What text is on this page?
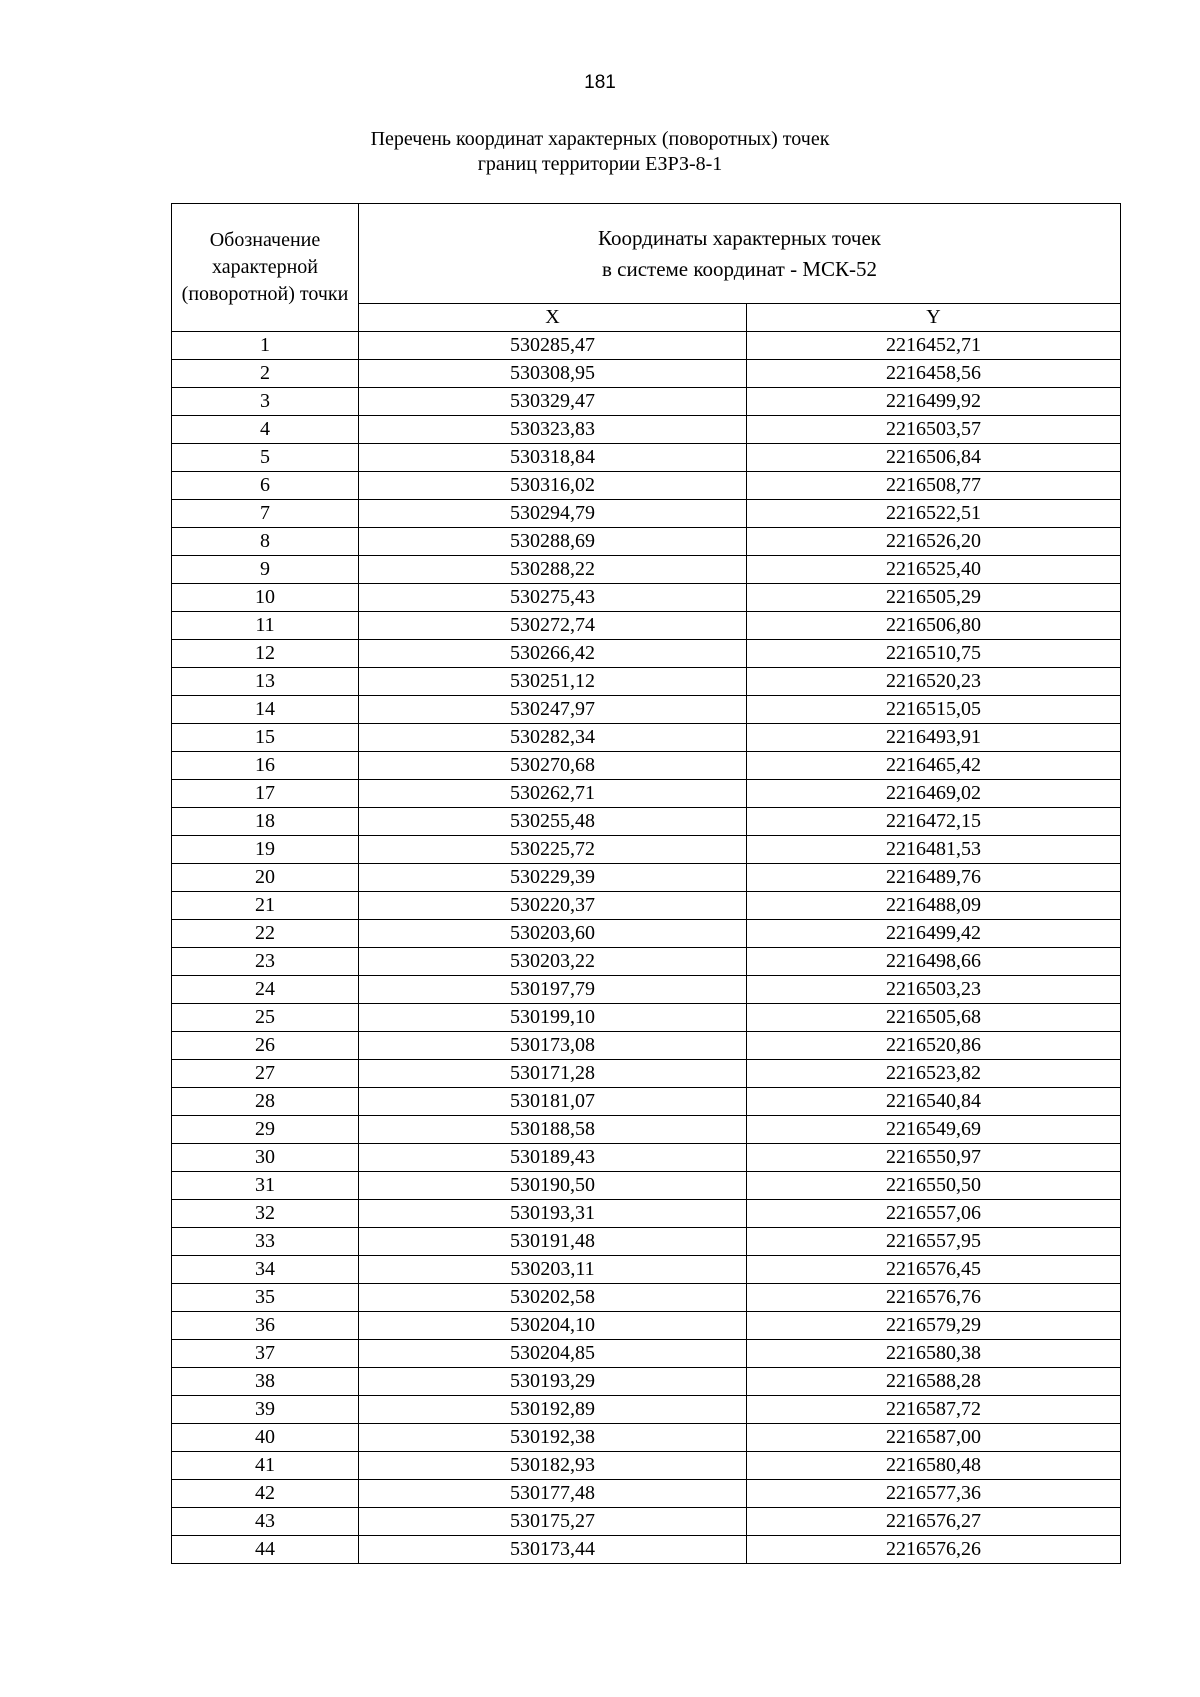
181
Перечень координат характерных (поворотных) точек
границ территории ЕЗРЗ-8-1
Обозначение характерной (поворотной) точки	Координаты характерных точек
в системе координат - МСК-52	

	X	Y
1	530285,47	2216452,71
2	530308,95	2216458,56
3	530329,47	2216499,92
4	530323,83	2216503,57
5	530318,84	2216506,84
6	530316,02	2216508,77
7	530294,79	2216522,51
8	530288,69	2216526,20
9	530288,22	2216525,40
10	530275,43	2216505,29
11	530272,74	2216506,80
12	530266,42	2216510,75
13	530251,12	2216520,23
14	530247,97	2216515,05
15	530282,34	2216493,91
16	530270,68	2216465,42
17	530262,71	2216469,02
18	530255,48	2216472,15
19	530225,72	2216481,53
20	530229,39	2216489,76
21	530220,37	2216488,09
22	530203,60	2216499,42
23	530203,22	2216498,66
24	530197,79	2216503,23
25	530199,10	2216505,68
26	530173,08	2216520,86
27	530171,28	2216523,82
28	530181,07	2216540,84
29	530188,58	2216549,69
30	530189,43	2216550,97
31	530190,50	2216550,50
32	530193,31	2216557,06
33	530191,48	2216557,95
34	530203,11	2216576,45
35	530202,58	2216576,76
36	530204,10	2216579,29
37	530204,85	2216580,38
38	530193,29	2216588,28
39	530192,89	2216587,72
40	530192,38	2216587,00
41	530182,93	2216580,48
42	530177,48	2216577,36
43	530175,27	2216576,27
44	530173,44	2216576,26
